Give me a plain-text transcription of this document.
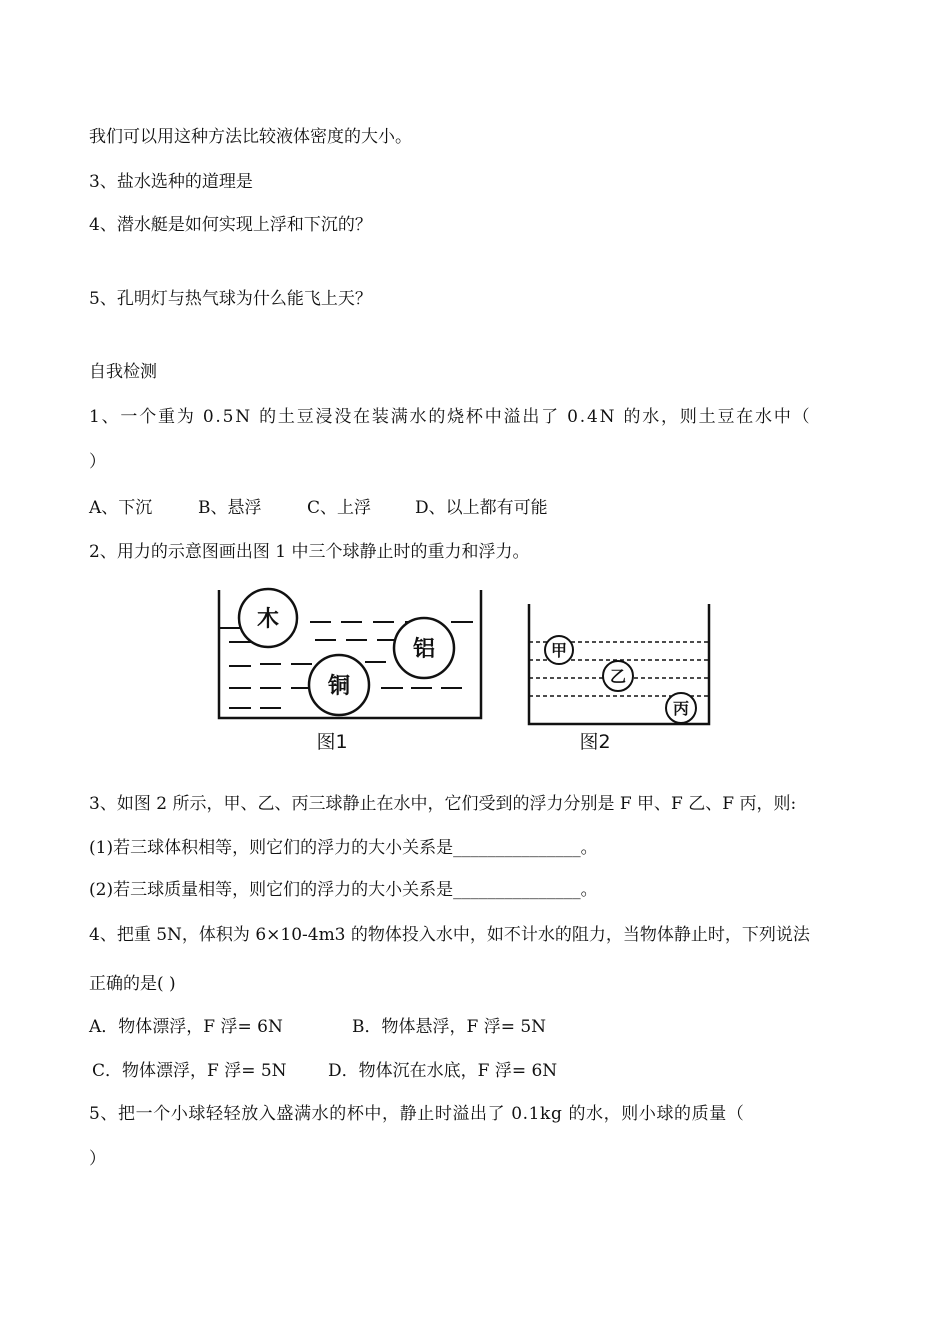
我们可以用这种方法比较液体密度的大小。
3、盐水选种的道理是
4、潜水艇是如何实现上浮和下沉的？
5、孔明灯与热气球为什么能飞上天？
自我检测
1、一个重为 0.5N 的土豆浸没在装满水的烧杯中溢出了 0.4N 的水，则土豆在水中（
）
A、下沉	B、悬浮	C、上浮	D、以上都有可能
2、用力的示意图画出图 1 中三个球静止时的重力和浮力。
木
铝
铜
图1
甲
乙
丙
图2
3、如图 2 所示，甲、乙、丙三球静止在水中，它们受到的浮力分别是 F 甲、F 乙、F 丙，则:
(1)若三球体积相等，则它们的浮力的大小关系是_______________。
(2)若三球质量相等，则它们的浮力的大小关系是_______________。
4、把重 5N，体积为 6×10-4m3 的物体投入水中，如不计水的阻力，当物体静止时，下列说法
正确的是( )
A．物体漂浮，F 浮= 6N	B．物体悬浮，F 浮= 5N
C．物体漂浮，F 浮= 5N D．物体沉在水底，F 浮= 6N
5、把一个小球轻轻放入盛满水的杯中，静止时溢出了 0.1kg 的水，则小球的质量（
）
